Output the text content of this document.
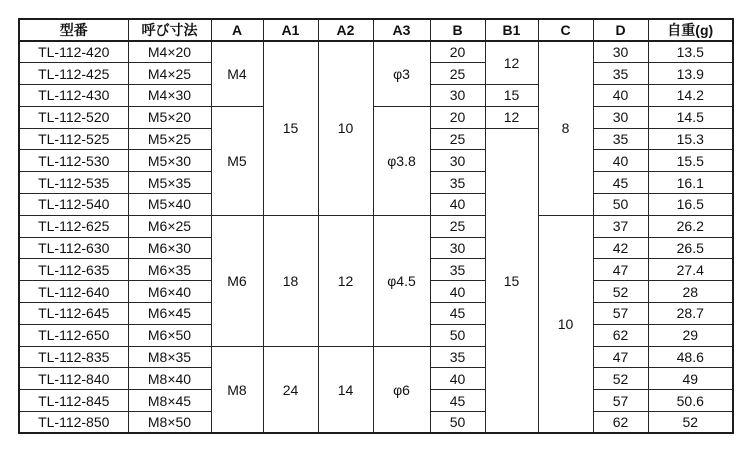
型番	呼び寸法	A	A1	A2	A3	B	B1	C	D	自重(g)
TL-112-420	M4×20	M4	15	10	φ3	20	12	8	30	13.5
TL-112-425	M4×25					25			35	13.9
TL-112-430	M4×30					30	15		40	14.2
TL-112-520	M5×20	M5			φ3.8	20	12		30	14.5
TL-112-525	M5×25					25	15		35	15.3
TL-112-530	M5×30					30			40	15.5
TL-112-535	M5×35					35			45	16.1
TL-112-540	M5×40					40			50	16.5
TL-112-625	M6×25	M6	18	12	φ4.5	25		10	37	26.2
TL-112-630	M6×30					30			42	26.5
TL-112-635	M6×35					35			47	27.4
TL-112-640	M6×40					40			52	28
TL-112-645	M6×45					45			57	28.7
TL-112-650	M6×50					50			62	29
TL-112-835	M8×35	M8	24	14	φ6	35			47	48.6
TL-112-840	M8×40					40			52	49
TL-112-845	M8×45					45			57	50.6
TL-112-850	M8×50					50			62	52
